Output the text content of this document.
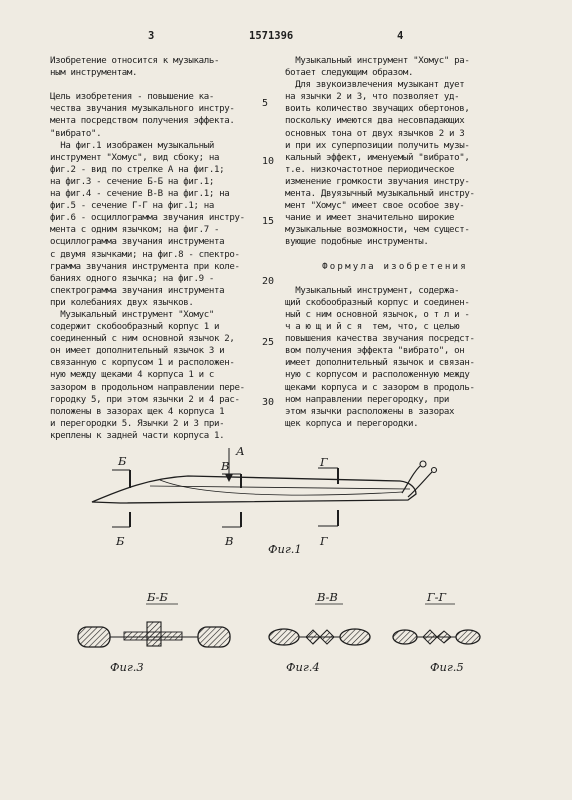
3	1571396	4

Изобретение относится к музыкаль-

ным инструментам.

Цель изобретения - повышение ка-

чества звучания музыкального инстру-

мента посредством получения эффекта.

"вибрато".

На фиг.1 изображен музыкальный

инструмент "Хомус", вид сбоку; на

фиг.2 - вид по стрелке А на фиг.1;

на фиг.3 - сечение Б-Б на фиг.1;

на фиг.4 - сечение В-В на фиг.1; на

фиг.5 - сечение Г-Г на фиг.1; на

фиг.6 - осциллограмма звучания инстру-

мента с одним язычком; на фиг.7 -

осциллограмма звучания инструмента

с двумя язычками; на фиг.8 - спектро-

грамма звучания инструмента при коле-

баниях одного язычка; на фиг.9 -

спектрограмма звучания инструмента

при колебаниях двух язычков.

Музыкальный инструмент "Хомус"

содержит скобообразный корпус 1 и

соединенный с ним основной язычок 2,

он имеет дополнительный язычок 3 и

связанную с корпусом 1 и расположен-

ную между щеками 4 корпуса 1 и с

зазором в продольном направлении пере-

городку 5, при этом язычки 2 и 4 рас-

положены в зазорах щек 4 корпуса 1

и перегородки 5. Язычки 2 и 3 при-

креплены к задней части корпуса 1.

Музыкальный инструмент "Хомус" ра-

ботает следующим образом.

Для звукоизвлечения музыкант дует

на язычки 2 и 3, что позволяет уд-

воить количество звучащих обертонов,

поскольку имеются два несовпадающих

основных тона от двух язычков 2 и 3

и при их суперпозиции получить музы-

кальный эффект, именуемый "вибрато",

т.е. низкочастотное периодическое

изменение громкости звучания инстру-

мента. Двуязычный музыкальный инстру-

мент "Хомус" имеет свое особое зву-

чание и имеет значительно широкие

музыкальные возможности, чем сущест-

вующие подобные инструменты.

Формула изобретения

Музыкальный инструмент, содержа-

щий скобообразный корпус и соединен-

ный с ним основной язычок, о т л и -

ч а ю щ и й с я  тем, что, с целью

повышения качества звучания посредст-

вом получения эффекта "вибрато", он

имеет дополнительный язычок и связан-

ную с корпусом и расположенную между

щеками корпуса и с зазором в продоль-

ном направлении перегородку, при

этом язычки расположены в зазорах

щек корпуса и перегородки.

5
10
15
20
25
30
Б
Б
В
В
А
Г
Г
Фиг.1
Б-Б
Фиг.3
В-В
Фиг.4
Г-Г
Фиг.5
